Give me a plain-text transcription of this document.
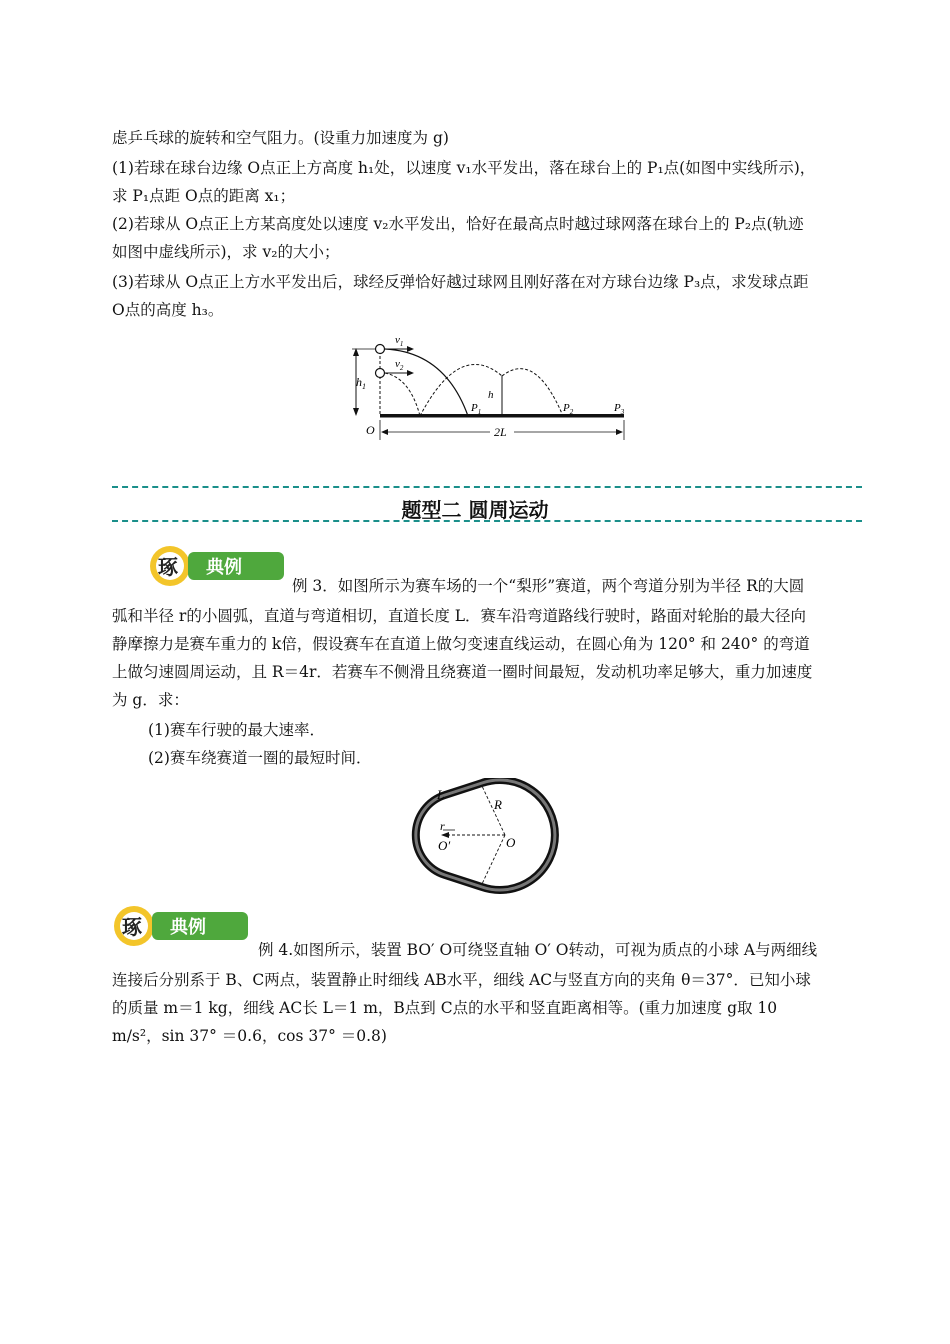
虑乒乓球的旋转和空气阻力。(设重力加速度为 g)
(1)若球在球台边缘 O点正上方高度 h₁处，以速度 v₁水平发出，落在球台上的 P₁点(如图中实线所示)，
求 P₁点距 O点的距离 x₁；
(2)若球从 O点正上方某高度处以速度 v₂水平发出，恰好在最高点时越过球网落在球台上的 P₂点(轨迹
如图中虚线所示)，求 v₂的大小；
(3)若球从 O点正上方水平发出后，球经反弹恰好越过球网且刚好落在对方球台边缘 P₃点，求发球点距
O点的高度 h₃。
$h_1$
$v_1$
$v_2$
h
$P_1$	$P_2$	$P_3$
O	2L
题型二 圆周运动
琢 典例
例 3．如图所示为赛车场的一个“梨形”赛道，两个弯道分别为半径 R的大圆
弧和半径 r的小圆弧，直道与弯道相切，直道长度 L．赛车沿弯道路线行驶时，路面对轮胎的最大径向
静摩擦力是赛车重力的 k倍，假设赛车在直道上做匀变速直线运动，在圆心角为 120° 和 240° 的弯道
上做匀速圆周运动，且 R＝4r．若赛车不侧滑且绕赛道一圈时间最短，发动机功率足够大，重力加速度
为 g．求：
(1)赛车行驶的最大速率．
(2)赛车绕赛道一圈的最短时间．
L
R
r
O′	O
琢 典例
例 4.如图所示，装置 BO′ O可绕竖直轴 O′ O转动，可视为质点的小球 A与两细线
连接后分别系于 B、C两点，装置静止时细线 AB水平，细线 AC与竖直方向的夹角 θ＝37°．已知小球
的质量 m＝1 kg，细线 AC长 L＝1 m，B点到 C点的水平和竖直距离相等。(重力加速度 g取 10
m/s²，sin 37° ＝0.6，cos 37° ＝0.8)
